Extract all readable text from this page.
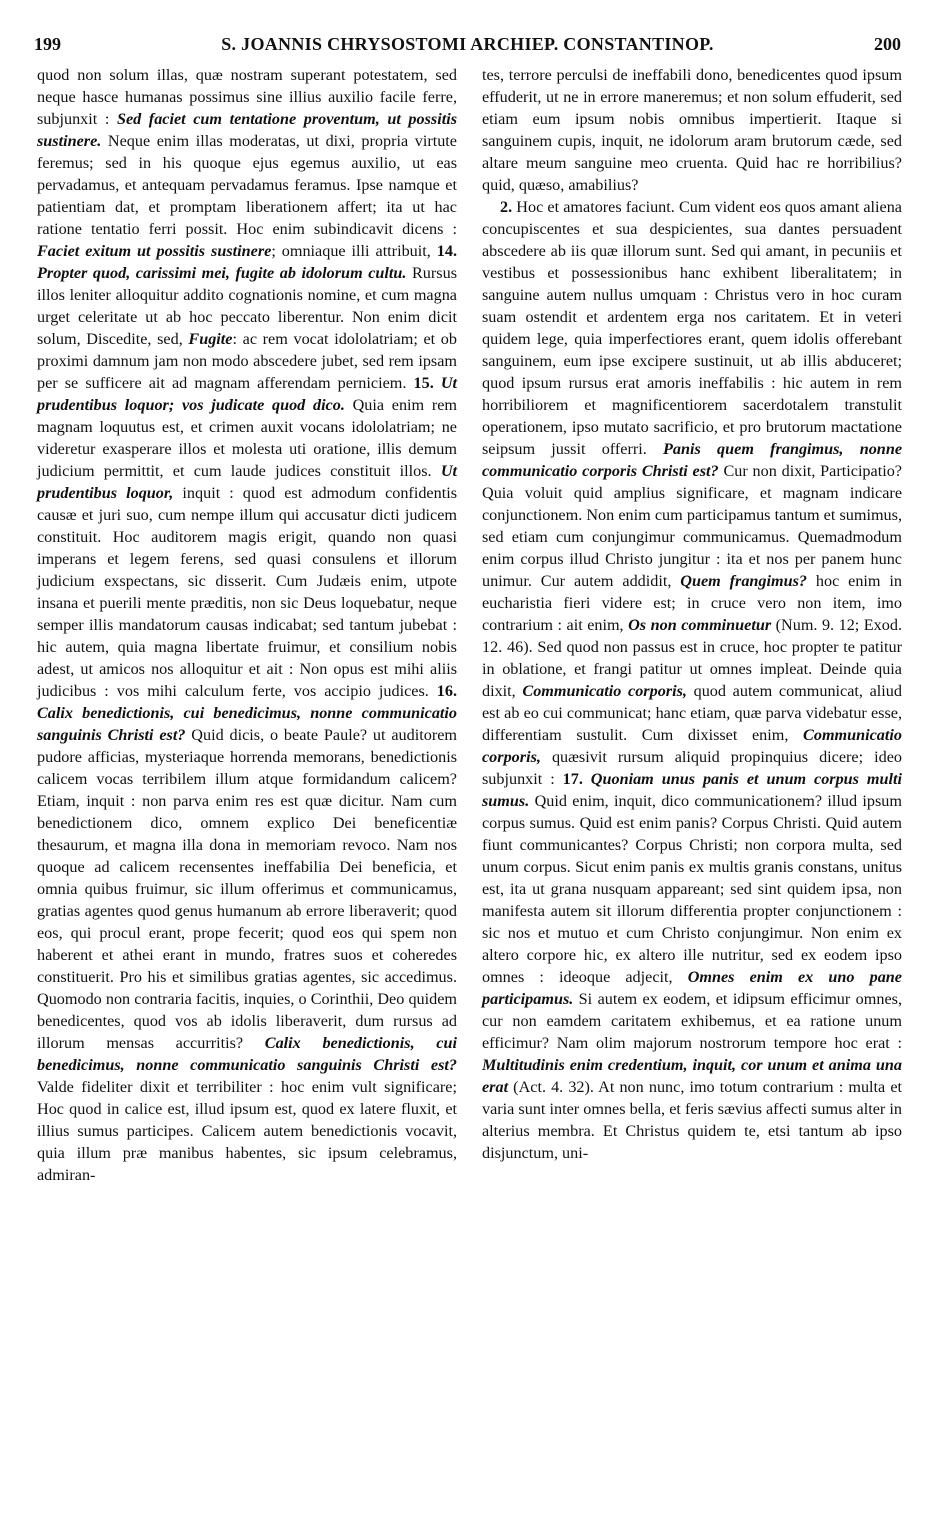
199	S. JOANNIS CHRYSOSTOMI ARCHIEP. CONSTANTINOP.	200

quod non solum illas, quæ nostram superant potestatem, sed neque hasce humanas possimus sine illius auxilio facile ferre, subjunxit : Sed faciet cum tentatione proventum, ut possitis sustinere. Neque enim illas moderatas, ut dixi, propria virtute feremus; sed in his quoque ejus egemus auxilio, ut eas pervadamus, et antequam pervadamus feramus. Ipse namque et patientiam dat, et promptam liberationem affert; ita ut hac ratione tentatio ferri possit. Hoc enim subindicavit dicens : Faciet exitum ut possitis sustinere; omniaque illi attribuit, 14. Propter quod, carissimi mei, fugite ab idolorum cultu. Rursus illos leniter alloquitur addito cognationis nomine, et cum magna urget celeritate ut ab hoc peccato liberentur. Non enim dicit solum, Discedite, sed, Fugite: ac rem vocat idololatriam; et ob proximi damnum jam non modo abscedere jubet, sed rem ipsam per se sufficere ait ad magnam afferendam perniciem. 15. Ut prudentibus loquor; vos judicate quod dico. Quia enim rem magnam loquutus est, et crimen auxit vocans idololatriam; ne videretur exasperare illos et molesta uti oratione, illis demum judicium permittit, et cum laude judices constituit illos. Ut prudentibus loquor, inquit : quod est admodum confidentis causæ et juri suo, cum nempe illum qui accusatur dicti judicem constituit. Hoc auditorem magis erigit, quando non quasi imperans et legem ferens, sed quasi consulens et illorum judicium exspectans, sic disserit. Cum Judæis enim, utpote insana et puerili mente præditis, non sic Deus loquebatur, neque semper illis mandatorum causas indicabat; sed tantum jubebat : hic autem, quia magna libertate fruimur, et consilium nobis adest, ut amicos nos alloquitur et ait : Non opus est mihi aliis judicibus : vos mihi calculum ferte, vos accipio judices. 16. Calix benedictionis, cui benedicimus, nonne communicatio sanguinis Christi est? Quid dicis, o beate Paule? ut auditorem pudore afficias, mysteriaque horrenda memorans, benedictionis calicem vocas terribilem illum atque formidandum calicem? Etiam, inquit : non parva enim res est quæ dicitur. Nam cum benedictionem dico, omnem explico Dei beneficentiæ thesaurum, et magna illa dona in memoriam revoco. Nam nos quoque ad calicem recensentes ineffabilia Dei beneficia, et omnia quibus fruimur, sic illum offerimus et communicamus, gratias agentes quod genus humanum ab errore liberaverit; quod eos, qui procul erant, prope fecerit; quod eos qui spem non haberent et athei erant in mundo, fratres suos et coheredes constituerit. Pro his et similibus gratias agentes, sic accedimus. Quomodo non contraria facitis, inquies, o Corinthii, Deo quidem benedicentes, quod vos ab idolis liberaverit, dum rursus ad illorum mensas accurritis? Calix benedictionis, cui benedicimus, nonne communicatio sanguinis Christi est? Valde fideliter dixit et terribiliter : hoc enim vult significare; Hoc quod in calice est, illud ipsum est, quod ex latere fluxit, et illius sumus participes. Calicem autem benedictionis vocavit, quia illum præ manibus habentes, sic ipsum celebramus, admiran-

tes, terrore perculsi de ineffabili dono, benedicentes quod ipsum effuderit, ut ne in errore maneremus; et non solum effuderit, sed etiam eum ipsum nobis omnibus impertierit. Itaque si sanguinem cupis, inquit, ne idolorum aram brutorum cæde, sed altare meum sanguine meo cruenta. Quid hac re horribilius? quid, quæso, amabilius?

2. Hoc et amatores faciunt. Cum vident eos quos amant aliena concupiscentes et sua despicientes, sua dantes persuadent abscedere ab iis quæ illorum sunt. Sed qui amant, in pecuniis et vestibus et possessionibus hanc exhibent liberalitatem; in sanguine autem nullus umquam : Christus vero in hoc curam suam ostendit et ardentem erga nos caritatem. Et in veteri quidem lege, quia imperfectiores erant, quem idolis offerebant sanguinem, eum ipse excipere sustinuit, ut ab illis abduceret; quod ipsum rursus erat amoris ineffabilis : hic autem in rem horribiliorem et magnificentiorem sacerdotalem transtulit operationem, ipso mutato sacrificio, et pro brutorum mactatione seipsum jussit offerri. Panis quem frangimus, nonne communicatio corporis Christi est? Cur non dixit, Participatio? Quia voluit quid amplius significare, et magnam indicare conjunctionem. Non enim cum participamus tantum et sumimus, sed etiam cum conjungimur communicamus. Quemadmodum enim corpus illud Christo jungitur : ita et nos per panem hunc unimur. Cur autem addidit, Quem frangimus? hoc enim in eucharistia fieri videre est; in cruce vero non item, imo contrarium : ait enim, Os non comminuetur (Num. 9. 12; Exod. 12. 46). Sed quod non passus est in cruce, hoc propter te patitur in oblatione, et frangi patitur ut omnes impleat. Deinde quia dixit, Communicatio corporis, quod autem communicat, aliud est ab eo cui communicat; hanc etiam, quæ parva videbatur esse, differentiam sustulit. Cum dixisset enim, Communicatio corporis, quæsivit rursum aliquid propinquius dicere; ideo subjunxit : 17. Quoniam unus panis et unum corpus multi sumus. Quid enim, inquit, dico communicationem? illud ipsum corpus sumus. Quid est enim panis? Corpus Christi. Quid autem fiunt communicantes? Corpus Christi; non corpora multa, sed unum corpus. Sicut enim panis ex multis granis constans, unitus est, ita ut grana nusquam appareant; sed sint quidem ipsa, non manifesta autem sit illorum differentia propter conjunctionem : sic nos et mutuo et cum Christo conjungimur. Non enim ex altero corpore hic, ex altero ille nutritur, sed ex eodem ipso omnes : ideoque adjecit, Omnes enim ex uno pane participamus. Si autem ex eodem, et idipsum efficimur omnes, cur non eamdem caritatem exhibemus, et ea ratione unum efficimur? Nam olim majorum nostrorum tempore hoc erat : Multitudinis enim credentium, inquit, cor unum et anima una erat (Act. 4. 32). At non nunc, imo totum contrarium : multa et varia sunt inter omnes bella, et feris sævius affecti sumus alter in alterius membra. Et Christus quidem te, etsi tantum ab ipso disjunctum, uni-
